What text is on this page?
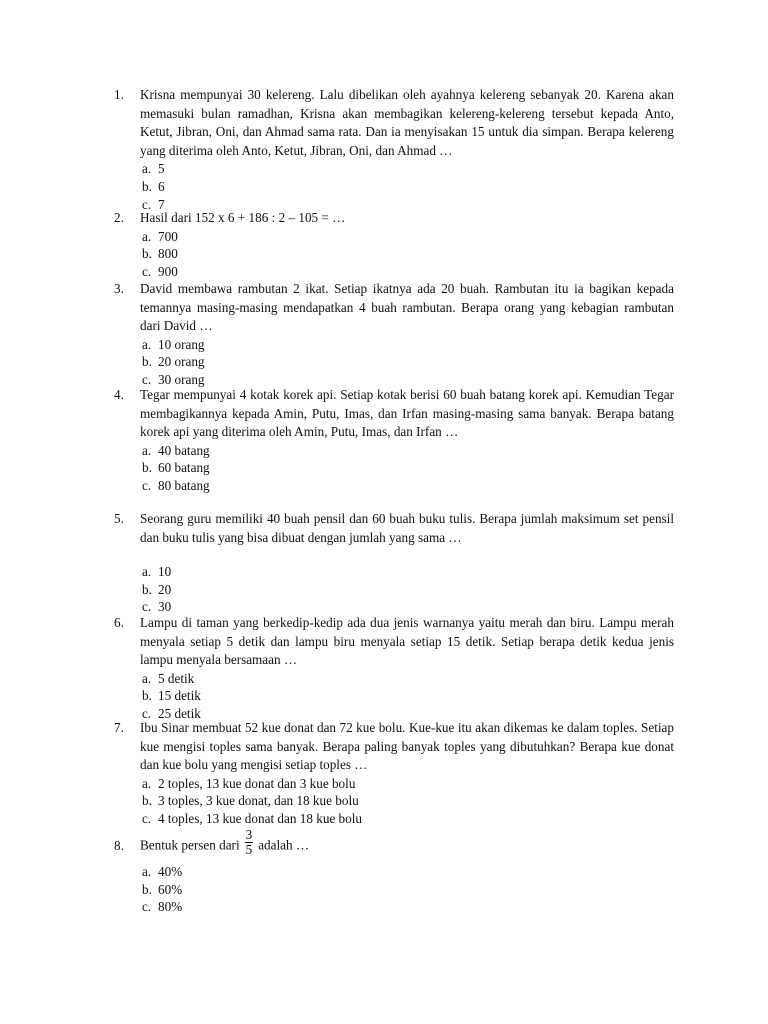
1.	Krisna mempunyai 30 kelereng. Lalu dibelikan oleh ayahnya kelereng sebanyak 20. Karena akan memasuki bulan ramadhan, Krisna akan membagikan kelereng-kelereng tersebut kepada Anto, Ketut, Jibran, Oni, dan Ahmad sama rata. Dan ia menyisakan 15 untuk dia simpan. Berapa kelereng yang diterima oleh Anto, Ketut, Jibran, Oni, dan Ahmad …
a. 5
b. 6
c. 7
2.	Hasil dari 152 x 6 + 186 : 2 – 105 = …
a. 700
b. 800
c. 900
3.	David membawa rambutan 2 ikat. Setiap ikatnya ada 20 buah. Rambutan itu ia bagikan kepada temannya masing-masing mendapatkan 4 buah rambutan. Berapa orang yang kebagian rambutan dari David …
a. 10 orang
b. 20 orang
c. 30 orang
4.	Tegar mempunyai 4 kotak korek api. Setiap kotak berisi 60 buah batang korek api. Kemudian Tegar membagikannya kepada Amin, Putu, Imas, dan Irfan masing-masing sama banyak. Berapa batang korek api yang diterima oleh Amin, Putu, Imas, dan Irfan …
a. 40 batang
b. 60 batang
c. 80 batang
5.	Seorang guru memiliki 40 buah pensil dan 60 buah buku tulis. Berapa jumlah maksimum set pensil dan buku tulis yang bisa dibuat dengan jumlah yang sama …
a. 10
b. 20
c. 30
6.	Lampu di taman yang berkedip-kedip ada dua jenis warnanya yaitu merah dan biru. Lampu merah menyala setiap 5 detik dan lampu biru menyala setiap 15 detik. Setiap berapa detik kedua jenis lampu menyala bersamaan …
a. 5 detik
b. 15 detik
c. 25 detik
7.	Ibu Sinar membuat 52 kue donat dan 72 kue bolu. Kue-kue itu akan dikemas ke dalam toples. Setiap kue mengisi toples sama banyak. Berapa paling banyak toples yang dibutuhkan? Berapa kue donat dan kue bolu yang mengisi setiap toples …
a. 2 toples, 13 kue donat dan 3 kue bolu
b. 3 toples, 3 kue donat, dan 18 kue bolu
c. 4 toples, 13 kue donat dan 18 kue bolu
8.	Bentuk persen dari $\frac{3}{5}$ adalah …
a. 40%
b. 60%
c. 80%
